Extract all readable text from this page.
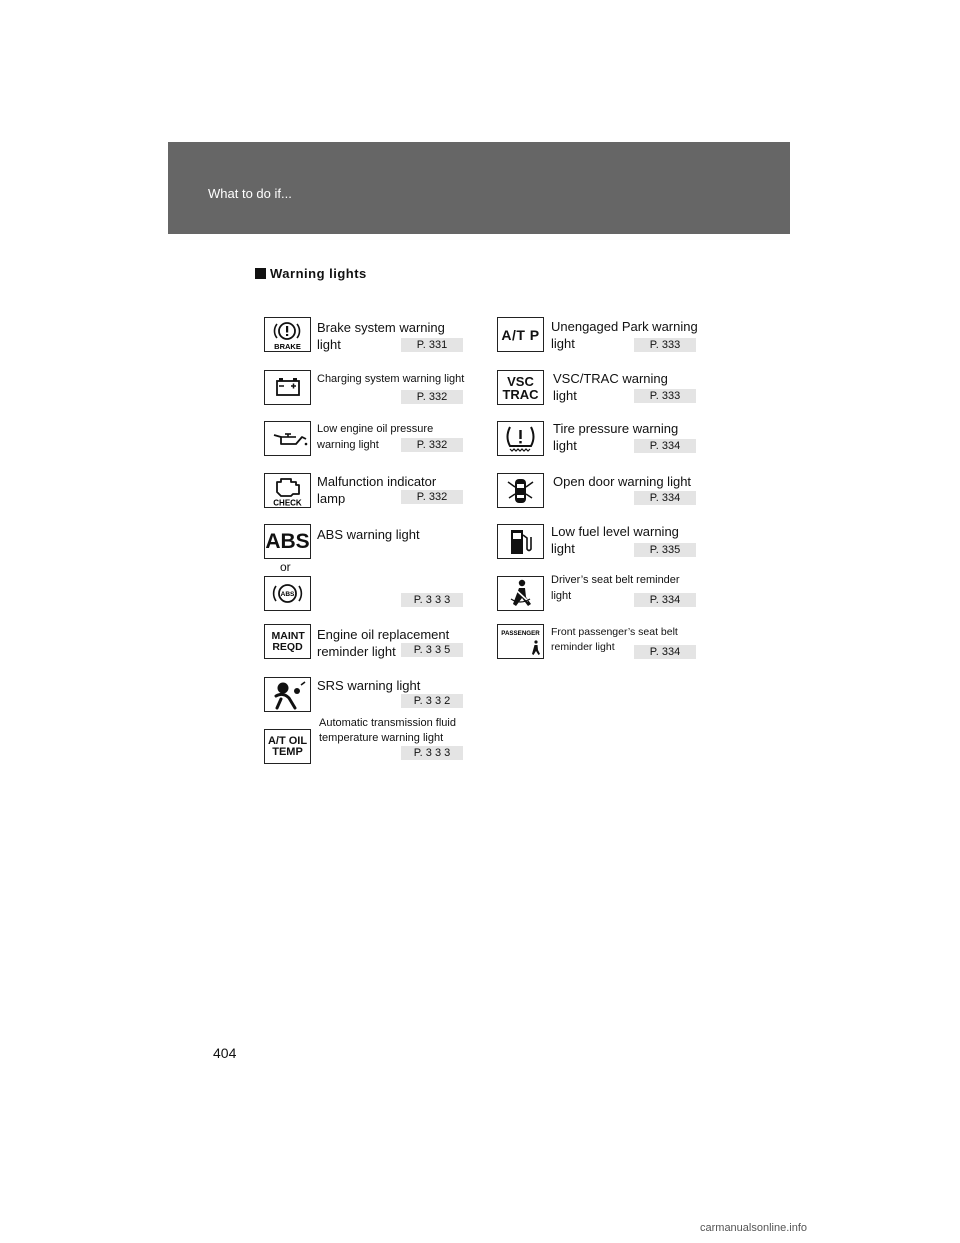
What to do if...
Warning lights
BRAKE
Brake system warning light	P. 331
Charging system warning light
P. 332
Low engine oil pressure warning light	P. 332
CHECK
Malfunction indicator lamp	P. 332
ABS ABS warning light
or
ABS	P. 3 3 3
MAINT REQD
Engine oil replacement reminder light	P. 3 3 5
SRS warning light
P. 3 3 2
A/T OIL TEMP
Automatic transmission fluid temperature warning light
P. 3 3 3
A/T P Unengaged Park warning light	P. 333
VSC TRAC
VSC/TRAC warning light	P. 333
Tire pressure warning light	P. 334
Open door warning light
P. 334
Low fuel level warning light	P. 335
Driver’s seat belt reminder light	P. 334
PASSENGER Front passenger’s seat belt reminder light	P. 334
404
carmanualsonline.info
